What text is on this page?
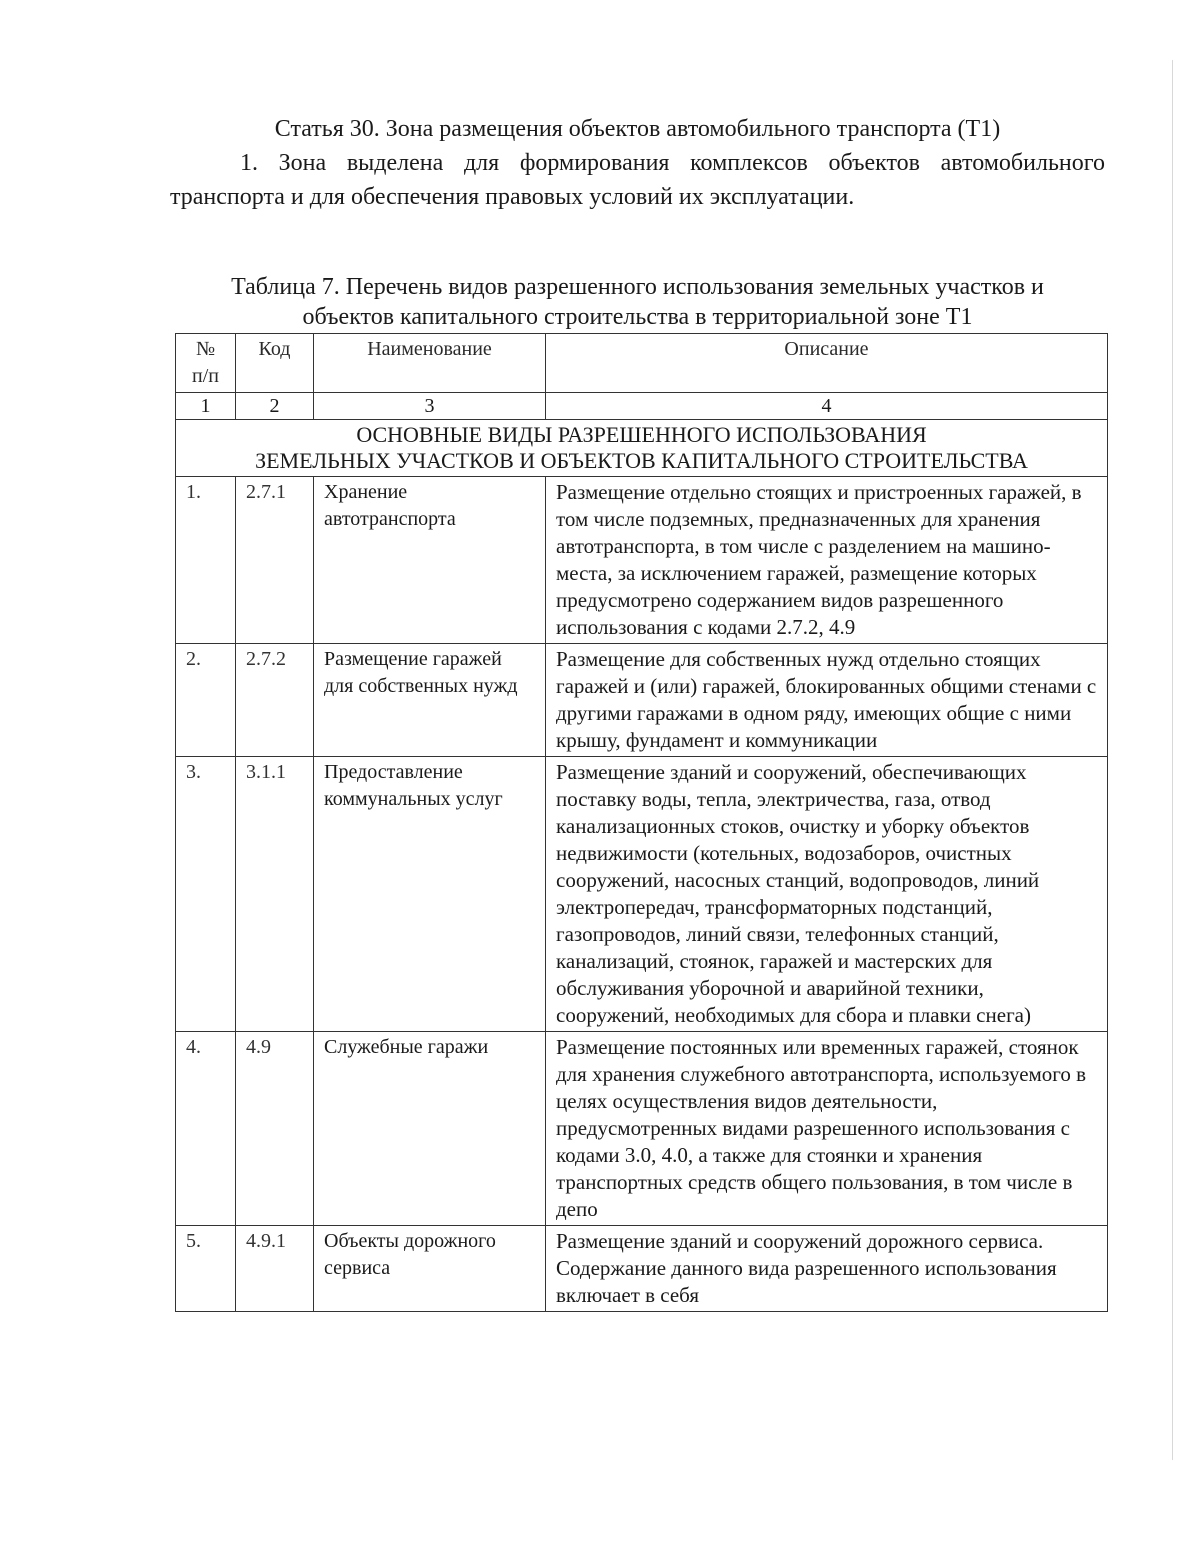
Статья 30. Зона размещения объектов автомобильного транспорта (Т1)
1. Зона выделена для формирования комплексов объектов автомобильного транспорта и для обеспечения правовых условий их эксплуатации.
Таблица 7. Перечень видов разрешенного использования земельных участков и
объектов капитального строительства в территориальной зоне Т1
№ п/п	Код	Наименование	Описание
1	2	3	4

ОСНОВНЫЕ ВИДЫ РАЗРЕШЕННОГО ИСПОЛЬЗОВАНИЯ
ЗЕМЕЛЬНЫХ УЧАСТКОВ И ОБЪЕКТОВ КАПИТАЛЬНОГО СТРОИТЕЛЬСТВА			

1.	2.7.1	Хранение автотранспорта	Размещение отдельно стоящих и пристроенных гаражей, в том числе подземных, предназначенных для хранения автотранспорта, в том числе с разделением на машино-места, за исключением гаражей, размещение которых предусмотрено содержанием видов разрешенного использования с кодами 2.7.2, 4.9
2.	2.7.2	Размещение гаражей для собственных нужд	Размещение для собственных нужд отдельно стоящих гаражей и (или) гаражей, блокированных общими стенами с другими гаражами в одном ряду, имеющих общие с ними крышу, фундамент и коммуникации
3.	3.1.1	Предоставление коммунальных услуг	Размещение зданий и сооружений, обеспечивающих поставку воды, тепла, электричества, газа, отвод канализационных стоков, очистку и уборку объектов недвижимости (котельных, водозаборов, очистных сооружений, насосных станций, водопроводов, линий электропередач, трансформаторных подстанций, газопроводов, линий связи, телефонных станций, канализаций, стоянок, гаражей и мастерских для обслуживания уборочной и аварийной техники, сооружений, необходимых для сбора и плавки снега)
4.	4.9	Служебные гаражи	Размещение постоянных или временных гаражей, стоянок для хранения служебного автотранспорта, используемого в целях осуществления видов деятельности, предусмотренных видами разрешенного использования с кодами 3.0, 4.0, а также для стоянки и хранения транспортных средств общего пользования, в том числе в депо
5.	4.9.1	Объекты дорожного сервиса	Размещение зданий и сооружений дорожного сервиса. Содержание данного вида разрешенного использования включает в себя
